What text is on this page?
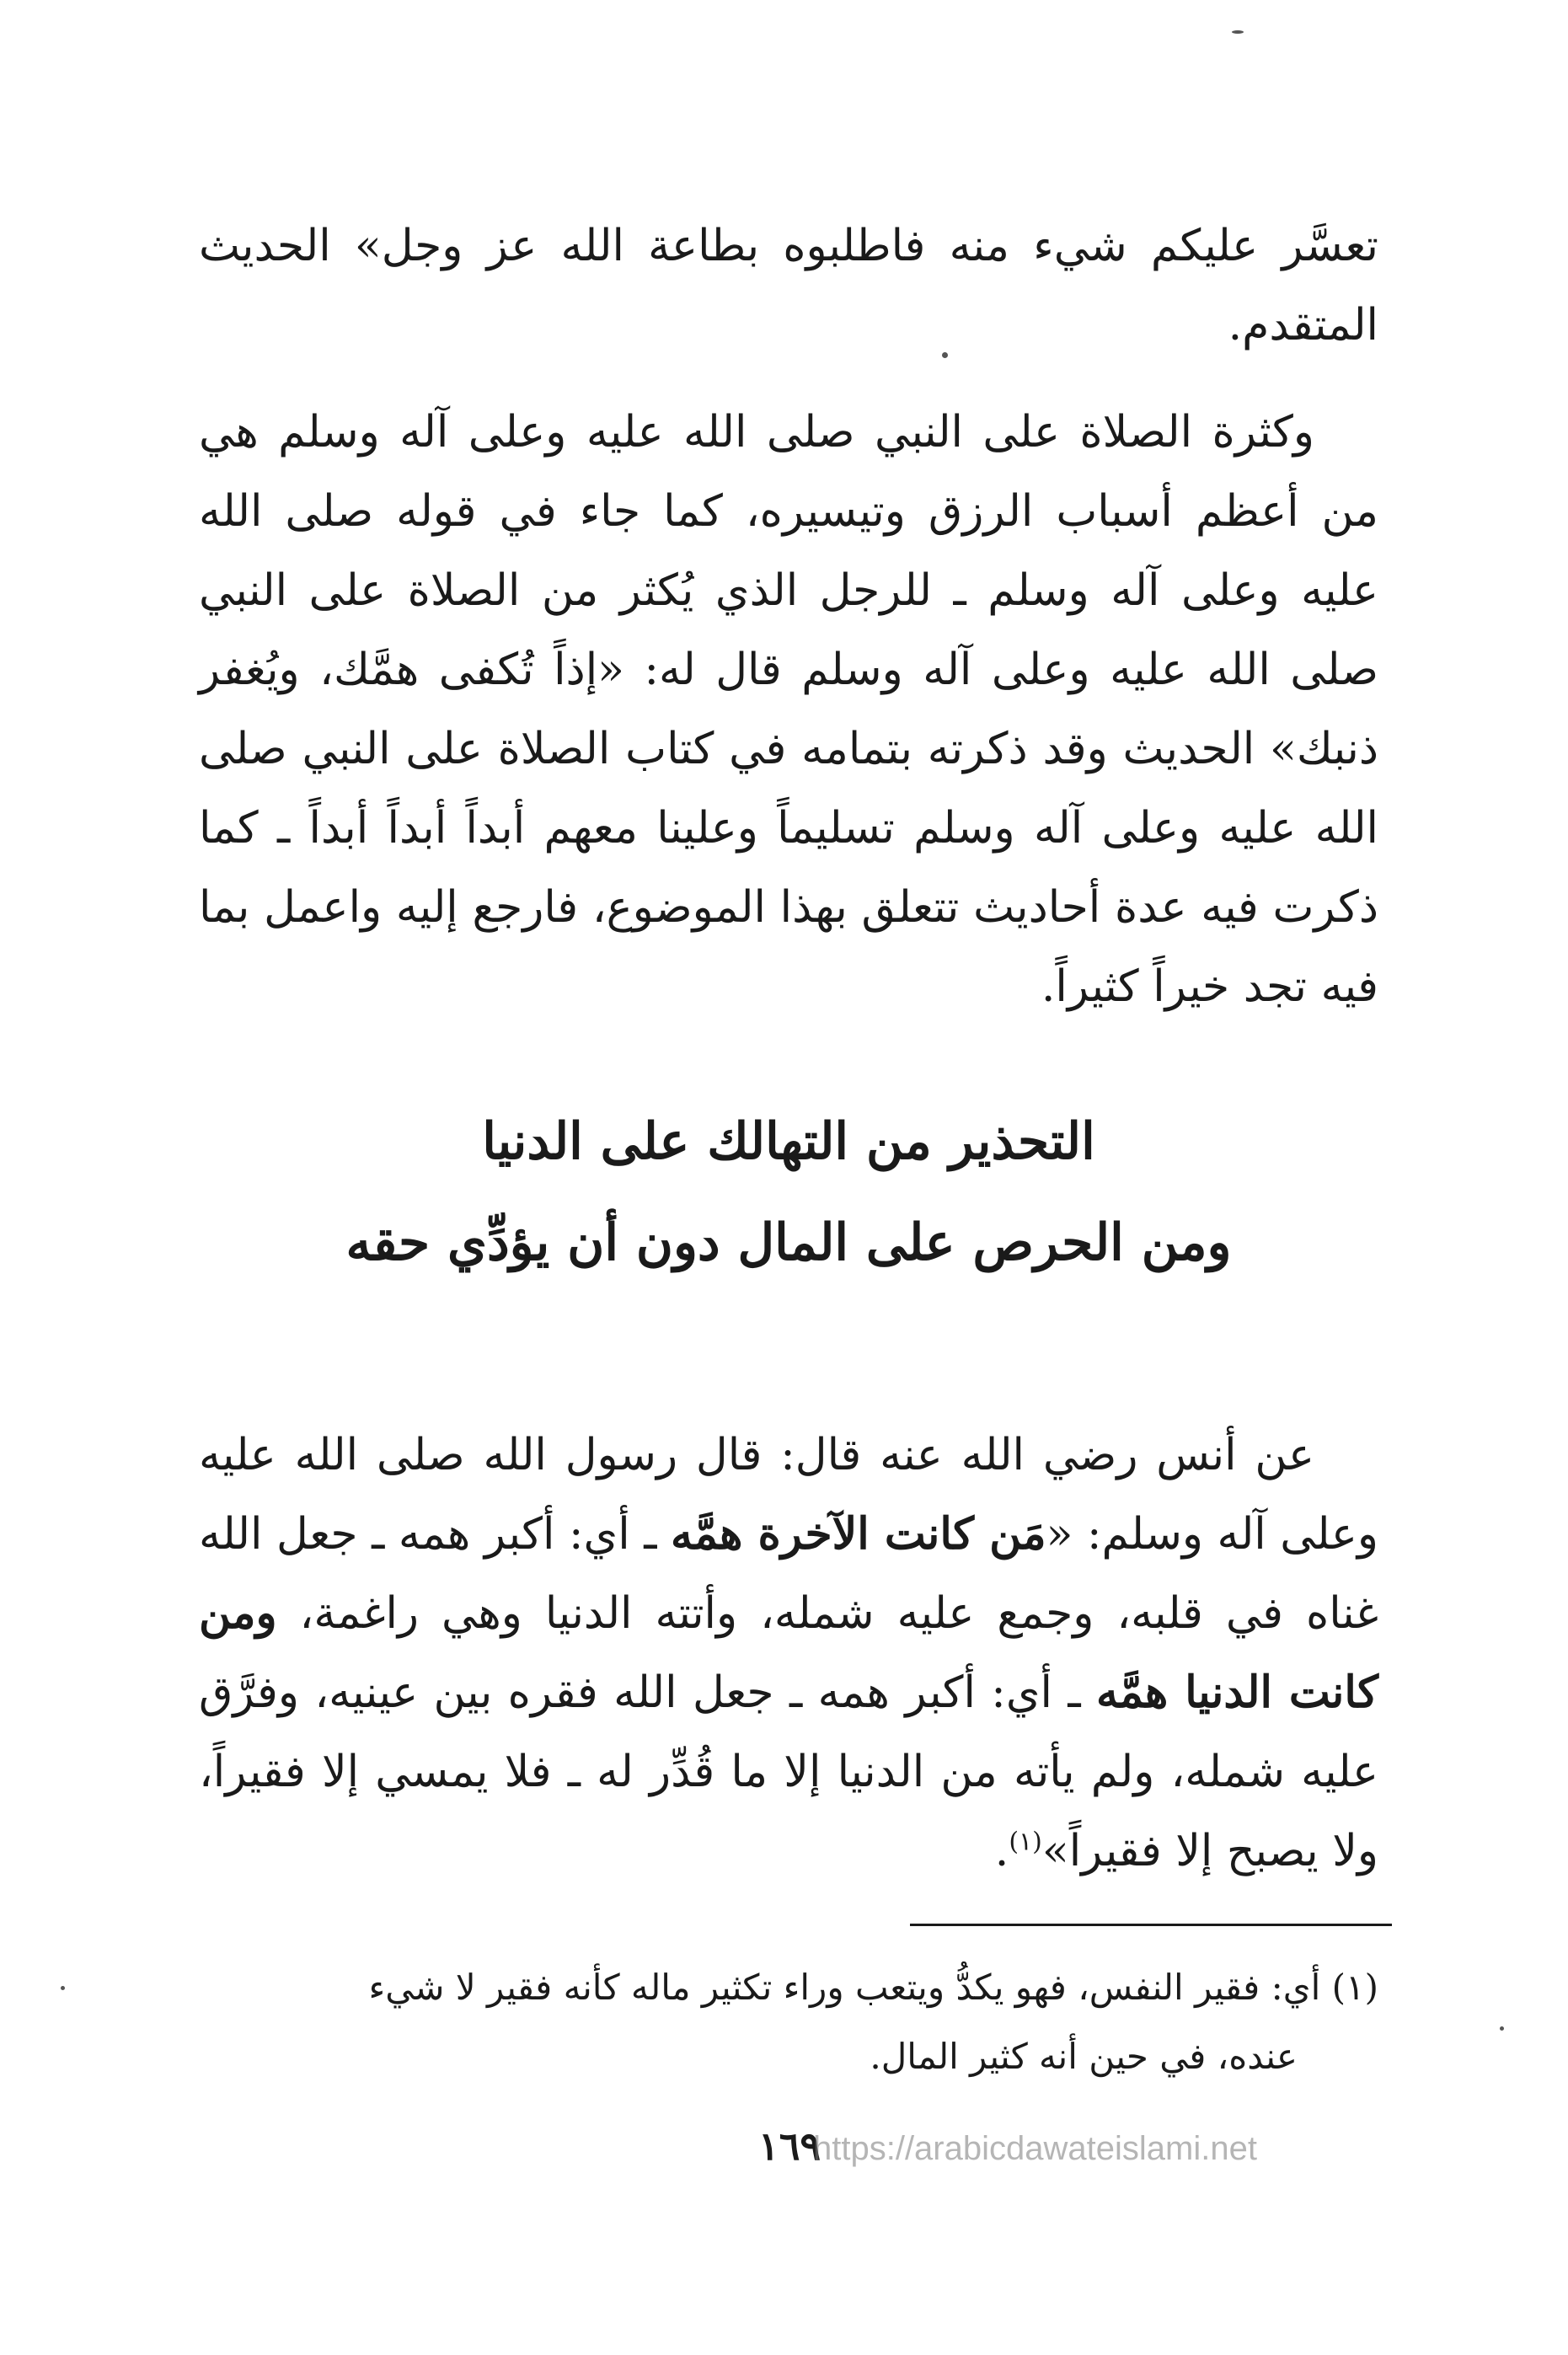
تعسَّر عليكم شيء منه فاطلبوه بطاعة الله عز وجل» الحديث المتقدم.

وكثرة الصلاة على النبي صلى الله عليه وعلى آله وسلم هي من أعظم أسباب الرزق وتيسيره، كما جاء في قوله صلى الله عليه وعلى آله وسلم ـ للرجل الذي يُكثر من الصلاة على النبي صلى الله عليه وعلى آله وسلم قال له: «إذاً تُكفى همَّك، ويُغفر ذنبك» الحديث وقد ذكرته بتمامه في كتاب الصلاة على النبي صلى الله عليه وعلى آله وسلم تسليماً وعلينا معهم أبداً أبداً أبداً ـ كما ذكرت فيه عدة أحاديث تتعلق بهذا الموضوع، فارجع إليه واعمل بما فيه تجد خيراً كثيراً.

التحذير من التهالك على الدنيا
ومن الحرص على المال دون أن يؤدِّي حقه

عن أنس رضي الله عنه قال: قال رسول الله صلى الله عليه وعلى آله وسلم: «مَن كانت الآخرة همَّه ـ أي: أكبر همه ـ جعل الله غناه في قلبه، وجمع عليه شمله، وأتته الدنيا وهي راغمة، ومن كانت الدنيا همَّه ـ أي: أكبر همه ـ جعل الله فقره بين عينيه، وفرَّق عليه شمله، ولم يأته من الدنيا إلا ما قُدِّر له ـ فلا يمسي إلا فقيراً، ولا يصبح إلا فقيراً»$^{(١)}$.

(١) أي: فقير النفس، فهو يكدُّ ويتعب وراء تكثير ماله كأنه فقير لا شيء

عنده، في حين أنه كثير المال.

١٦٩
https://arabicdawateislami.net
